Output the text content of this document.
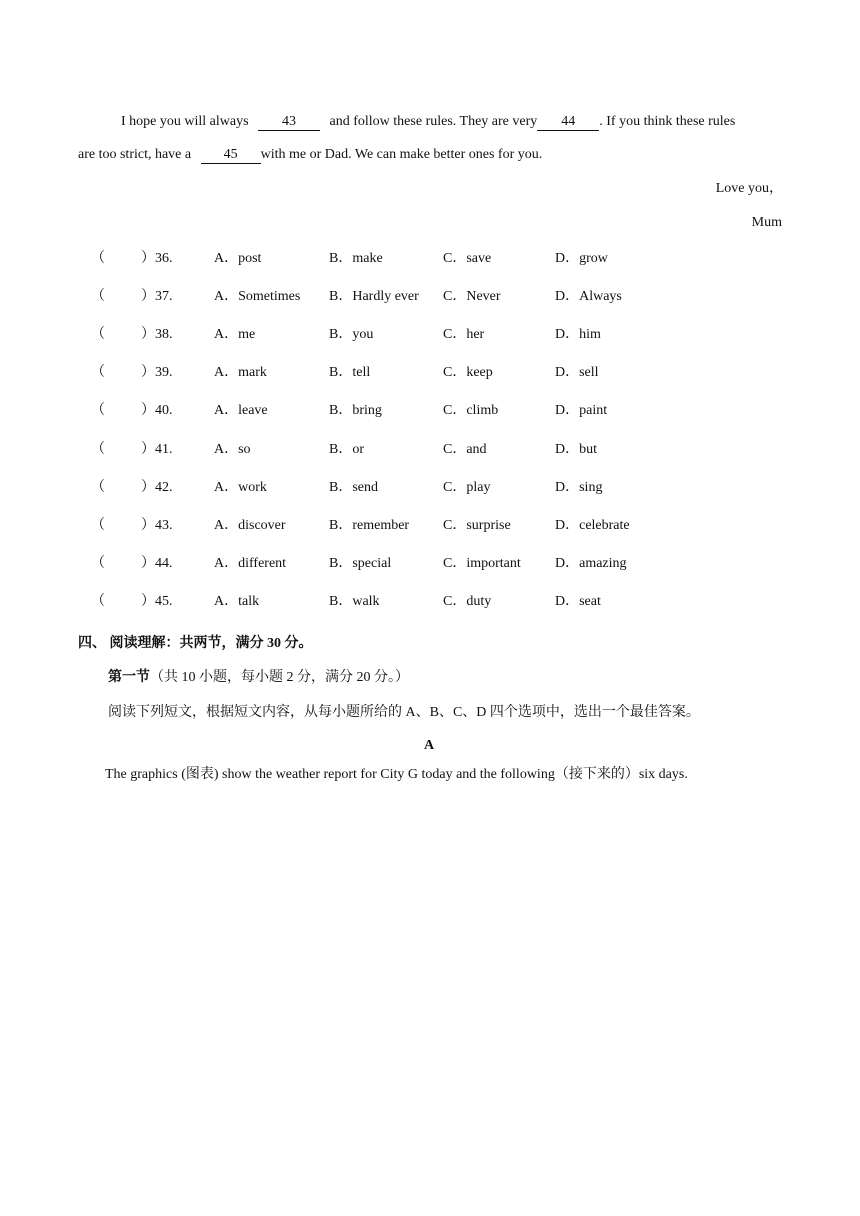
I hope you will always 43 and follow these rules. They are very 44 . If you think these rules
are too strict, have a 45 with me or Dad. We can make better ones for you.
Love you，
Mum
（	）36.	A．post	B．make	C．save	D．grow
（	）37.	A．Sometimes B．Hardly ever C．Never	D．Always
（	）38.	A．me	B．you	C．her	D．him
（	）39.	A．mark	B．tell	C．keep	D．sell
（	）40.	A．leave	B．bring	C．climb	D．paint
（	）41.	A．so	B．or	C．and	D．but
（	）42.	A．work	B．send	C．play	D．sing
（	）43.	A．discover	B．remember C．surprise	D．celebrate
（	）44.	A．different	B．special	C．important D．amazing
（	）45.	A．talk	B．walk	C．duty	D．seat
四、 阅读理解：共两节，满分 30 分。
第一节（共 10 小题，每小题 2 分，满分 20 分。）
阅读下列短文，根据短文内容，从每小题所给的 A、B、C、D 四个选项中，选出一个最佳答案。
A
The graphics (图表) show the weather report for City G today and the following（接下来的）six days.
